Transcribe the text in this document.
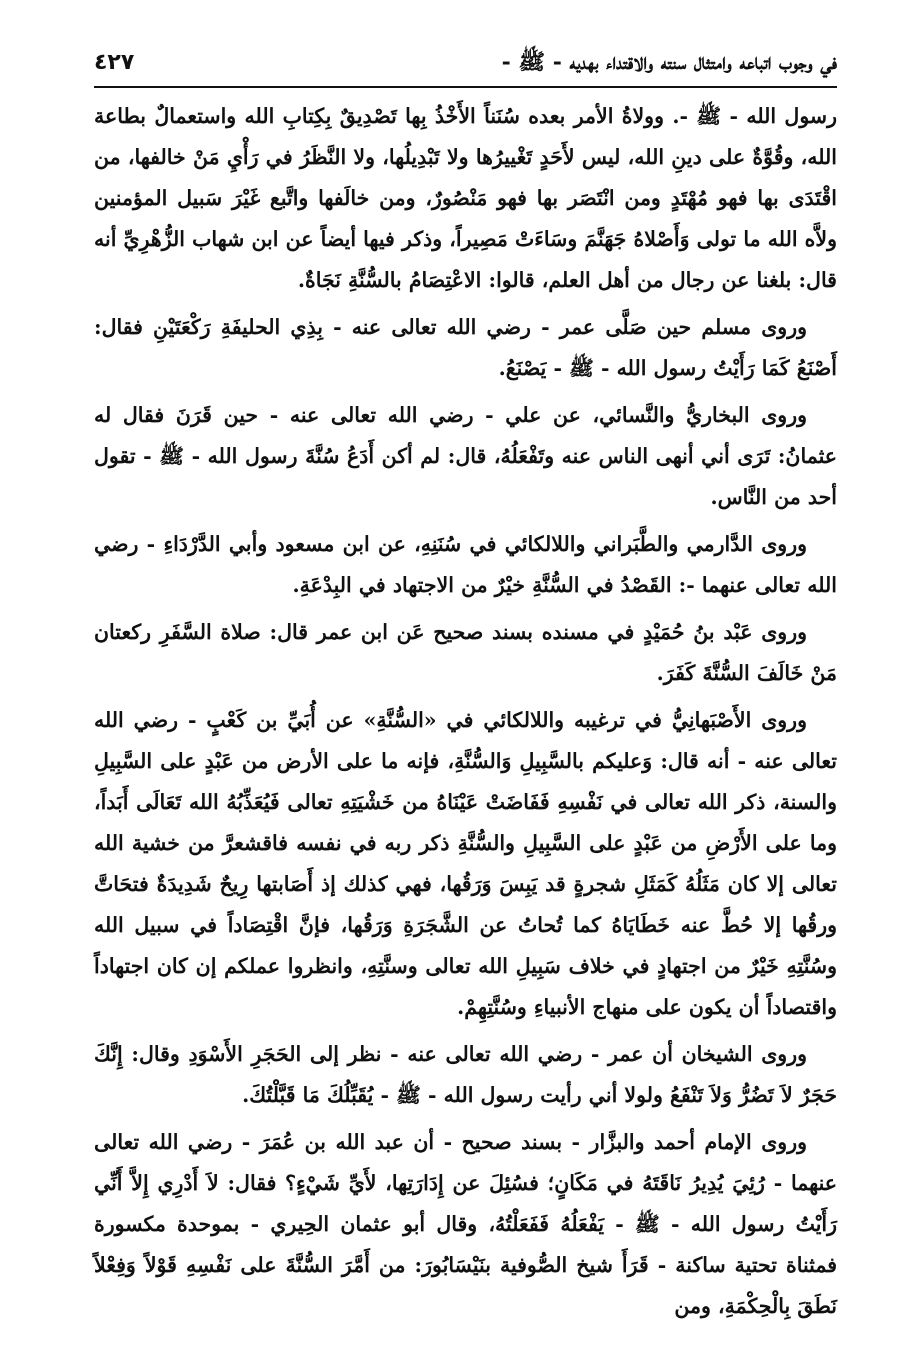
في وجوب اتباعه وامتثال سنته والاقتداء بهديه - ﷺ -
٤٢٧

رسول الله - ﷺ -. وولاةُ الأمر بعده سُنَناً الأَخْذُ بِها تَصْدِيقٌ بِكِتابِ الله واستعمالٌ بطاعة الله، وقُوَّةٌ على دينِ الله، ليس لأَحَدٍ تَغْييرُها ولا تَبْدِيلُها، ولا النَّظَرُ في رَأْيِ مَنْ خالفها، من اقْتَدَى بها فهو مُهْتَدٍ ومن انْتَصَر بها فهو مَنْصُورٌ، ومن خالَفها واتَّبع غَيْرَ سَبيل المؤمنين ولاَّه الله ما تولى وَأَصْلاهُ جَهَنَّمَ وسَاءَتْ مَصِيراً، وذكر فيها أيضاً عن ابن شهاب الزُّهْرِيِّ أنه قال: بلغنا عن رجال من أهل العلم، قالوا: الاعْتِصَامُ بالسُّنَّةِ نَجَاةٌ.

وروى مسلم حين صَلَّى عمر - رضي الله تعالى عنه - بِذِي الحليفَةِ رَكْعَتَيْنِ فقال: أَصْنَعُ كَمَا رَأَيْتُ رسول الله - ﷺ - يَصْنَعُ.

وروى البخاريُّ والنَّسائي، عن علي - رضي الله تعالى عنه - حين قَرَنَ فقال له عثمانُ: تَرَى أني أنهى الناس عنه وتَفْعَلُهُ، قال: لم أكن أَدَعُ سُنَّةَ رسول الله - ﷺ - تقول أحد من النَّاس.

وروى الدَّارمي والطَّبَراني واللالكائي في سُنَنِهِ، عن ابن مسعود وأبي الدَّرْدَاءِ - رضي الله تعالى عنهما -: القَصْدُ في السُّنَّةِ خيْرٌ من الاجتهاد في البِدْعَةِ.

وروى عَبْد بنُ حُمَيْدٍ في مسنده بسند صحيح عَن ابن عمر قال: صلاة السَّفَرِ ركعتان مَنْ خَالَفَ السُّنَّةَ كَفَرَ.

وروى الأَصْبَهانِيُّ في ترغيبه واللالكائي في «السُّنَّةِ» عن أُبَيِّ بن كَعْبٍ - رضي الله تعالى عنه - أنه قال: وَعليكم بالسَّبِيلِ وَالسُّنَّةِ، فإنه ما على الأرض من عَبْدٍ على السَّبِيلِ والسنة، ذكر الله تعالى في نَفْسِهِ فَفَاضَتْ عَيْنَاهُ من خَشْيَتِهِ تعالى فَيُعَذِّبُهُ الله تَعَالَى أَبَداً، وما على الأَرْضِ من عَبْدٍ على السَّبِيلِ والسُّنَّةِ ذكر ربه في نفسه فاقشعرَّ من خشية الله تعالى إلا كان مَثَلُهُ كَمَثَلِ شجرةٍ قد يَبِسَ وَرَقُها، فهي كذلك إذ أَصَابتها رِيحٌ شَدِيدَةٌ فتحَاتَّ ورقُها إلا حُطَّ عنه خَطَايَاهُ كما تُحاتُ عن الشَّجَرَةِ وَرَقُها، فإنَّ اقْتِصَاداً في سبيل الله وسُنَّتِهِ خَيْرٌ من اجتهادٍ في خلاف سَبِيلِ الله تعالى وسنَّتِهِ، وانظروا عملكم إن كان اجتهاداً واقتصاداً أن يكون على منهاج الأنبياءِ وسُنَّتِهِمْ.

وروى الشيخان أن عمر - رضي الله تعالى عنه - نظر إلى الحَجَرِ الأَسْوَدِ وقال: إِنَّكَ حَجَرٌ لاَ تَضُرُّ وَلاَ تَنْفَعُ ولولا أني رأيت رسول الله - ﷺ - يُقَبِّلُكَ مَا قَبَّلْتُكَ.

وروى الإمام أحمد والبزَّار - بسند صحيح - أن عبد الله بن عُمَرَ - رضي الله تعالى عنهما - رُئِيَ يُدِيرُ نَاقَتَهُ في مَكَانٍ؛ فسُئِلَ عن إِدَارَتِها، لأَيِّ شَيْءٍ؟ فقال: لاَ أَدْرِي إِلاَّ أَنِّي رَأَيْتُ رسول الله - ﷺ - يَفْعَلُهُ فَفَعَلْتُهُ، وقال أبو عثمان الحِيري - بموحدة مكسورة فمثناة تحتية ساكنة - قَرَأَ شيخ الصُّوفية بنَيْسَابُورَ: من أَمَّرَ السُّنَّةَ على نَفْسِهِ قَوْلاً وَفِعْلاً نَطَقَ بِالْحِكْمَةِ، ومن
